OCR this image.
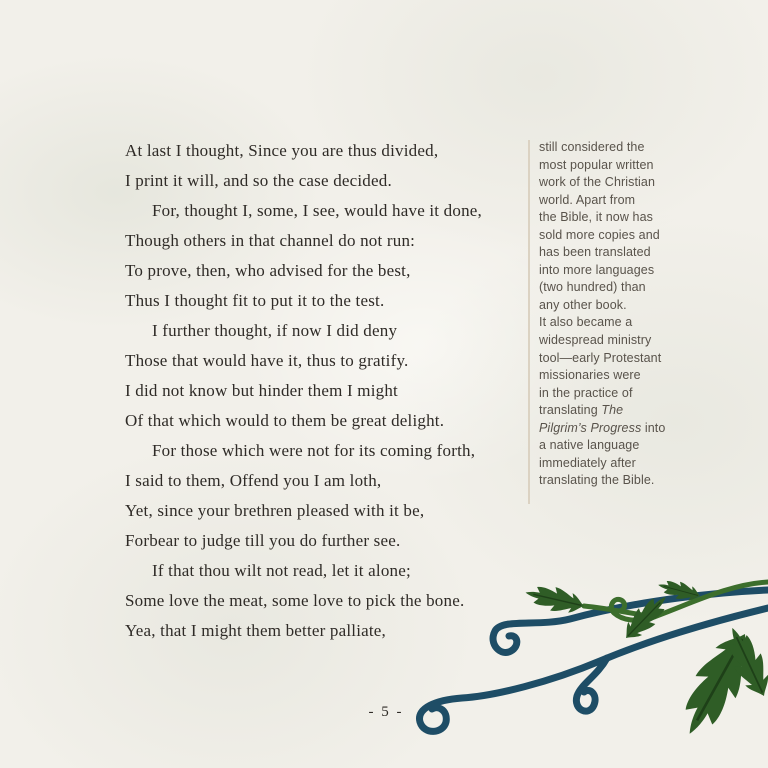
At last I thought, Since you are thus divided,
I print it will, and so the case decided.
For, thought I, some, I see, would have it done,
Though others in that channel do not run:
To prove, then, who advised for the best,
Thus I thought fit to put it to the test.
I further thought, if now I did deny
Those that would have it, thus to gratify.
I did not know but hinder them I might
Of that which would to them be great delight.
For those which were not for its coming forth,
I said to them, Offend you I am loth,
Yet, since your brethren pleased with it be,
Forbear to judge till you do further see.
If that thou wilt not read, let it alone;
Some love the meat, some love to pick the bone.
Yea, that I might them better palliate,
still considered the
most popular written
work of the Christian
world. Apart from
the Bible, it now has
sold more copies and
has been translated
into more languages
(two hundred) than
any other book.
It also became a
widespread ministry
tool—early Protestant
missionaries were
in the practice of
translating The
Pilgrim’s Progress into
a native language
immediately after
translating the Bible.
- 5 -
